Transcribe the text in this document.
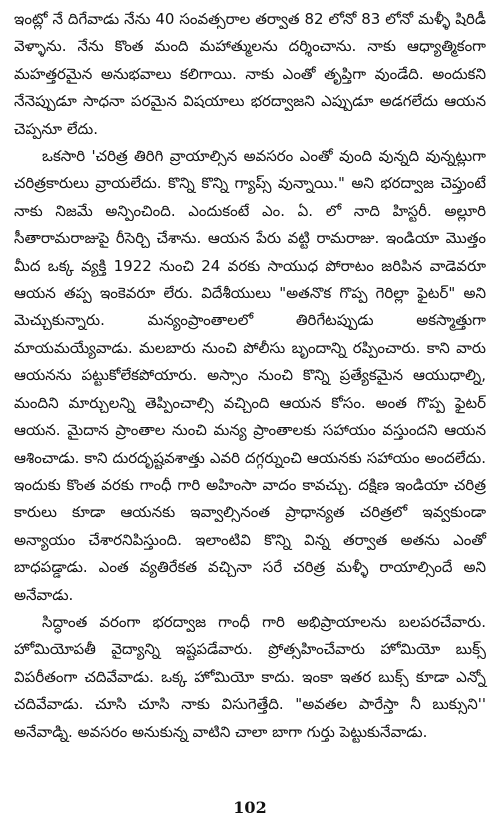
ఇంట్లో నే దిగేవాడు నేను 40 సంవత్సరాల తర్వాత 82 లోనో 83 లోనో మళ్ళీ షిరిడీ వెళ్ళాను. నేను కొంత మంది మహాత్ములను దర్శించాను. నాకు ఆధ్యాత్మికంగా మహత్తరమైన అనుభవాలు కలిగాయి. నాకు ఎంతో తృప్తిగా వుండేది. అందుకని నేనెప్పుడూ సాధనా పరమైన విషయాలు భరద్వాజని ఎప్పుడూ అడగలేదు ఆయన చెప్పనూ లేదు.

ఒకసారి 'చరిత్ర తిరిగి వ్రాయాల్సిన అవసరం ఎంతో వుంది వున్నది వున్నట్లుగా చరిత్రకారులు వ్రాయలేదు. కొన్ని కొన్ని గ్యాప్స్ వున్నాయి." అని భరద్వాజ చెప్తుంటే నాకు నిజమే అన్పించింది. ఎందుకంటే ఎం. ఏ. లో నాది హిస్టరీ. అల్లూరి సీతారామరాజుపై రీసెర్చి చేశాను. ఆయన పేరు వట్టి రామరాజు. ఇండియా మొత్తం మీద ఒక్క వ్యక్తి 1922 నుంచి 24 వరకు సాయుధ పోరాటం జరిపిన వాడెవరూ ఆయన తప్ప ఇంకెవరూ లేరు. విదేశీయులు "అతనొక గొప్ప గెరిల్లా ఫైటర్" అని మెచ్చుకున్నారు. మన్యంప్రాంతాలలో తిరిగేటప్పుడు అకస్మాత్తుగా మాయమయ్యేవాడు. మలబారు నుంచి పోలీసు బృందాన్ని రప్పించారు. కాని వారు ఆయనను పట్టుకోలేకపోయారు. అస్సాం నుంచి కొన్ని ప్రత్యేకమైన ఆయుధాల్ని, మందిని మార్చులన్ని తెప్పించాల్సి వచ్చింది ఆయన కోసం. అంత గొప్ప ఫైటర్ ఆయన. మైదాన ప్రాంతాల నుంచి మన్య ప్రాంతాలకు సహాయం వస్తుందని ఆయన ఆశించాడు. కాని దురదృష్టవశాత్తు ఎవరి దగ్గర్నుంచి ఆయనకు సహాయం అందలేదు. ఇందుకు కొంత వరకు గాంధీ గారి అహింసా వాదం కావచ్చు. దక్షిణ ఇండియా చరిత్ర కారులు కూడా ఆయనకు ఇవ్వాల్సినంత ప్రాధాన్యత చరిత్రలో ఇవ్వకుండా అన్యాయం చేశారనిపిస్తుంది. ఇలాంటివి కొన్ని విన్న తర్వాత అతను ఎంతో బాధపడ్డాడు. ఎంత వ్యతిరేకత వచ్చినా సరే చరిత్ర మళ్ళీ రాయాల్సిందే అని అనేవాడు.

సిద్ధాంత వరంగా భరద్వాజ గాంధీ గారి అభిప్రాయాలను బలపరచేవారు. హోమియోపతీ వైద్యాన్ని ఇష్టపడేవారు. ప్రోత్సహించేవారు హోమియో బుక్స్ విపరీతంగా చదివేవాడు. ఒక్క హోమియో కాదు. ఇంకా ఇతర బుక్స్ కూడా ఎన్నో చదివేవాడు. చూసి చూసి నాకు విసుగెత్తేది. "అవతల పారేస్తా నీ బుక్సుని'' అనేవాడ్ని. అవసరం అనుకున్న వాటిని చాలా బాగా గుర్తు పెట్టుకునేవాడు.

102
